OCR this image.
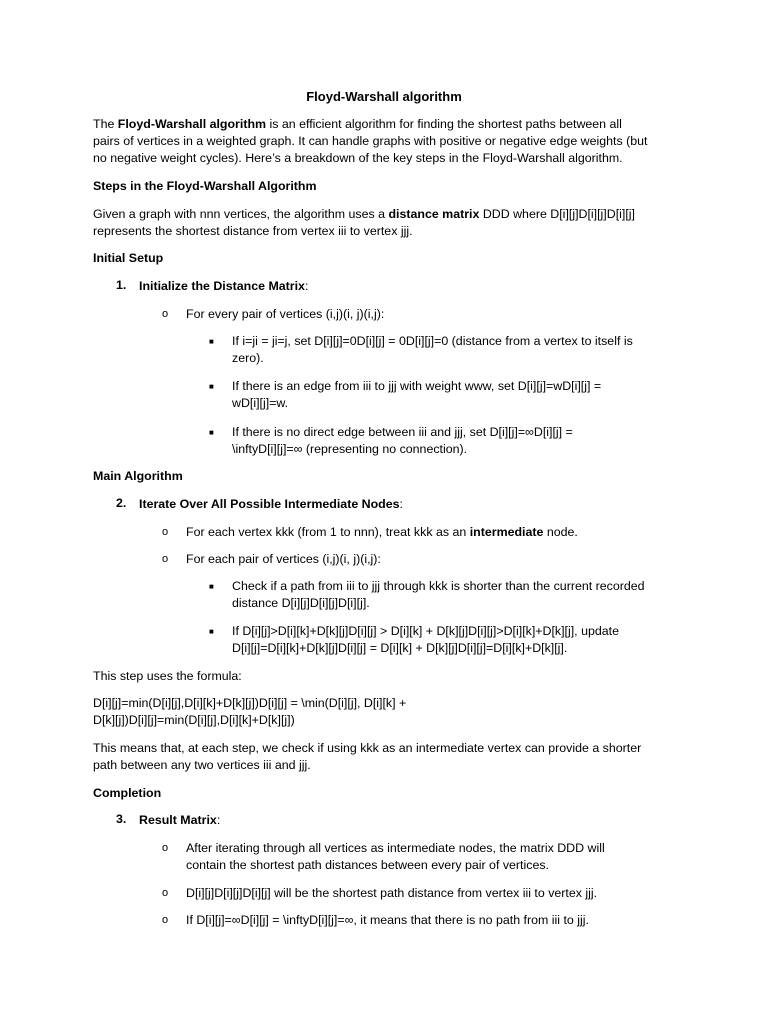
Floyd-Warshall algorithm
The Floyd-Warshall algorithm is an efficient algorithm for finding the shortest paths between all
pairs of vertices in a weighted graph. It can handle graphs with positive or negative edge weights (but
no negative weight cycles). Here’s a breakdown of the key steps in the Floyd-Warshall algorithm.
Steps in the Floyd-Warshall Algorithm
Given a graph with nnn vertices, the algorithm uses a distance matrix DDD where D[i][j]D[i][j]D[i][j]
represents the shortest distance from vertex iii to vertex jjj.
Initial Setup
1. Initialize the Distance Matrix:
o For every pair of vertices (i,j)(i, j)(i,j):
■ If i=ji = ji=j, set D[i][j]=0D[i][j] = 0D[i][j]=0 (distance from a vertex to itself is
zero).
■ If there is an edge from iii to jjj with weight www, set D[i][j]=wD[i][j] =
wD[i][j]=w.
■ If there is no direct edge between iii and jjj, set D[i][j]=∞D[i][j] =
\inftyD[i][j]=∞ (representing no connection).
Main Algorithm
2. Iterate Over All Possible Intermediate Nodes:
o For each vertex kkk (from 1 to nnn), treat kkk as an intermediate node.
o For each pair of vertices (i,j)(i, j)(i,j):
■ Check if a path from iii to jjj through kkk is shorter than the current recorded
distance D[i][j]D[i][j]D[i][j].
■ If D[i][j]>D[i][k]+D[k][j]D[i][j] > D[i][k] + D[k][j]D[i][j]>D[i][k]+D[k][j], update
D[i][j]=D[i][k]+D[k][j]D[i][j] = D[i][k] + D[k][j]D[i][j]=D[i][k]+D[k][j].
This step uses the formula:
D[i][j]=min⁡(D[i][j],D[i][k]+D[k][j])D[i][j] = \min(D[i][j], D[i][k] +
D[k][j])D[i][j]=min(D[i][j],D[i][k]+D[k][j])
This means that, at each step, we check if using kkk as an intermediate vertex can provide a shorter
path between any two vertices iii and jjj.
Completion
3. Result Matrix:
o After iterating through all vertices as intermediate nodes, the matrix DDD will
contain the shortest path distances between every pair of vertices.
o D[i][j]D[i][j]D[i][j] will be the shortest path distance from vertex iii to vertex jjj.
o If D[i][j]=∞D[i][j] = \inftyD[i][j]=∞, it means that there is no path from iii to jjj.
